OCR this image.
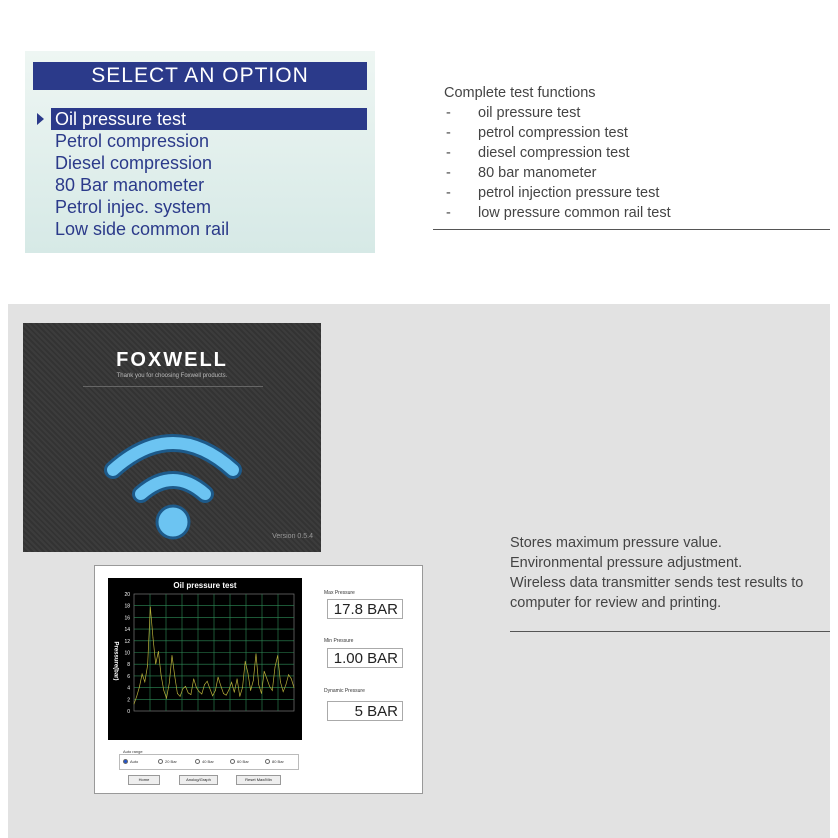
SELECT AN OPTION
Oil pressure test
Petrol compression
Diesel compression
80 Bar manometer
Petrol injec. system
Low side common rail
Complete test functions
- oil pressure test
- petrol compression test
- diesel compression test
- 80 bar manometer
- petrol injection pressure test
- low pressure common rail test
FOXWELL
Thank you for choosing Foxwell products.
Version 0.5.4	Stores maximum pressure value.
Environmental pressure adjustment.
Wireless data transmitter sends test results to computer for review and printing.
0
2
4
6
8
10
12
14
16
18
20
Oil pressure test
Pressure(bar)
Max Pressure
17.8 BAR
Min Pressure
1.00 BAR
Dynamic Pressure
5 BAR
Auto	20 Bar	40 Bar	60 Bar	80 Bar
Auto range
Home	Anolog/Graph	Reset Max/Min
